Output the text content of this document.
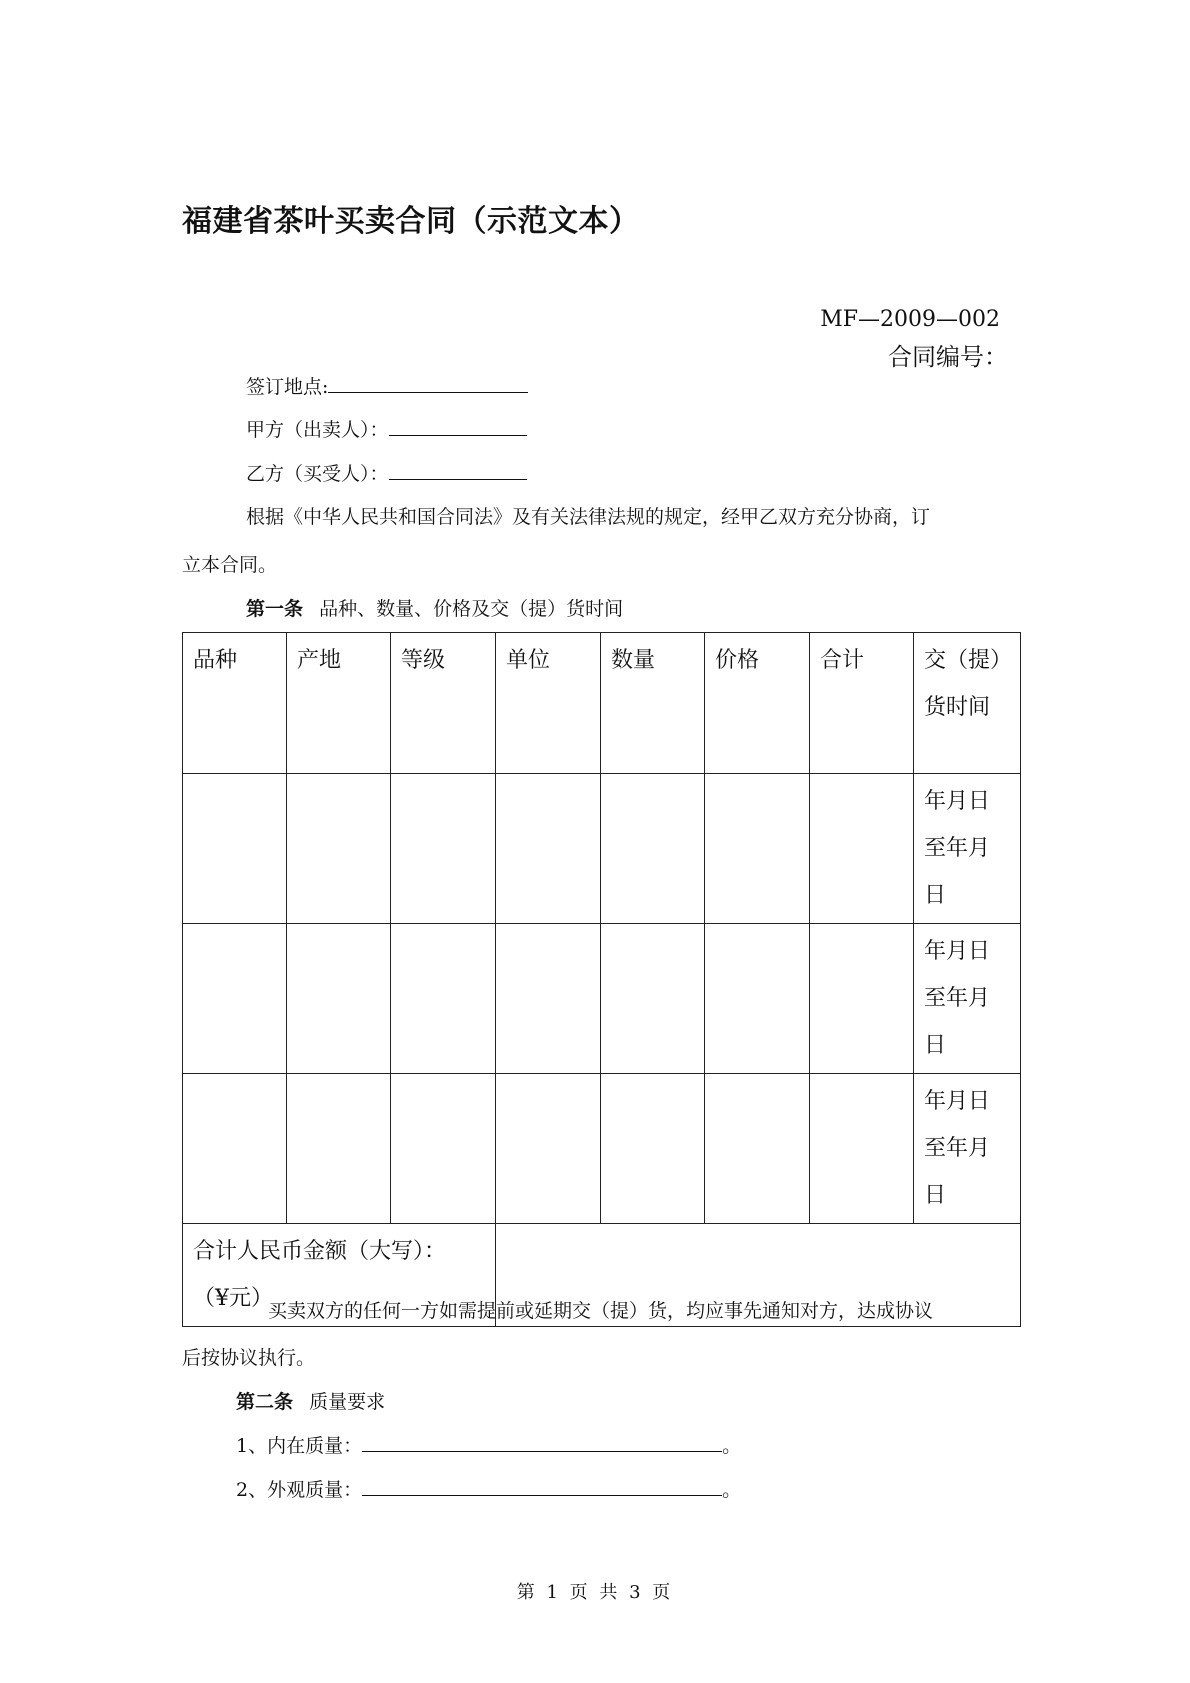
福建省茶叶买卖合同（示范文本）
MF—2009—002
合同编号：
签订地点:
甲方（出卖人）：
乙方（买受人）：
根据《中华人民共和国合同法》及有关法律法规的规定，经甲乙双方充分协商，订
立本合同。
第一条 品种、数量、价格及交（提）货时间
品种	产地	等级	单位	数量	价格	合计	交（提）货时间
							年月日至年月日
							年月日至年月日
							年月日至年月日
合计人民币金额（大写）：（¥元）							
买卖双方的任何一方如需提前或延期交（提）货，均应事先通知对方，达成协议
后按协议执行。
第二条 质量要求
1、内在质量：	。
2、外观质量：	。
第 1 页 共 3 页
